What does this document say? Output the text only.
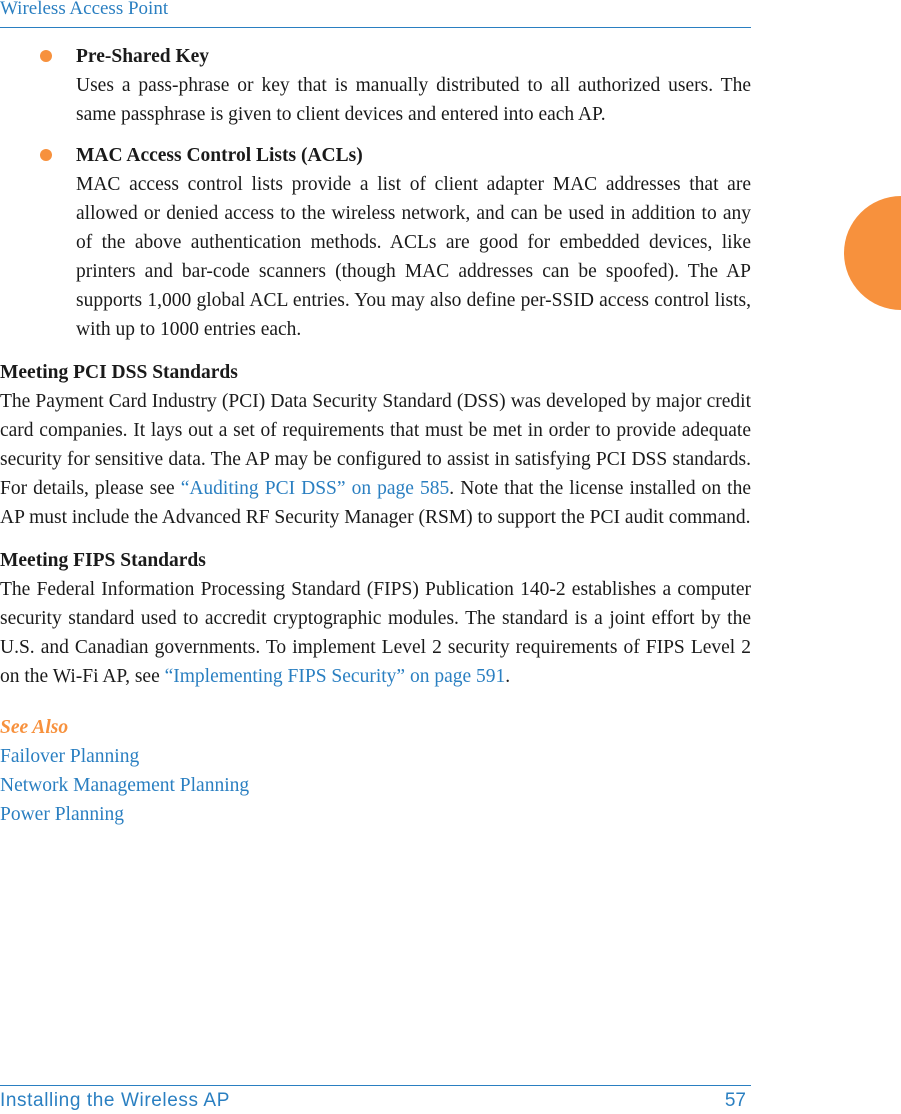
Wireless Access Point
Pre-Shared Key

Uses a pass-phrase or key that is manually distributed to all authorized users. The same passphrase is given to client devices and entered into each AP.

MAC Access Control Lists (ACLs)

MAC access control lists provide a list of client adapter MAC addresses that are allowed or denied access to the wireless network, and can be used in addition to any of the above authentication methods. ACLs are good for embedded devices, like printers and bar-code scanners (though MAC addresses can be spoofed). The AP supports 1,000 global ACL entries. You may also define per-SSID access control lists, with up to 1000 entries each.

Meeting PCI DSS Standards

The Payment Card Industry (PCI) Data Security Standard (DSS) was developed by major credit card companies. It lays out a set of requirements that must be met in order to provide adequate security for sensitive data. The AP may be configured to assist in satisfying PCI DSS standards. For details, please see “Auditing PCI DSS” on page 585. Note that the license installed on the AP must include the Advanced RF Security Manager (RSM) to support the PCI audit command.

Meeting FIPS Standards

The Federal Information Processing Standard (FIPS) Publication 140-2 establishes a computer security standard used to accredit cryptographic modules. The standard is a joint effort by the U.S. and Canadian governments. To implement Level 2 security requirements of FIPS Level 2 on the Wi-Fi AP, see “Implementing FIPS Security” on page 591.

See Also
Failover Planning
Network Management Planning
Power Planning
Installing the Wireless AP	57
